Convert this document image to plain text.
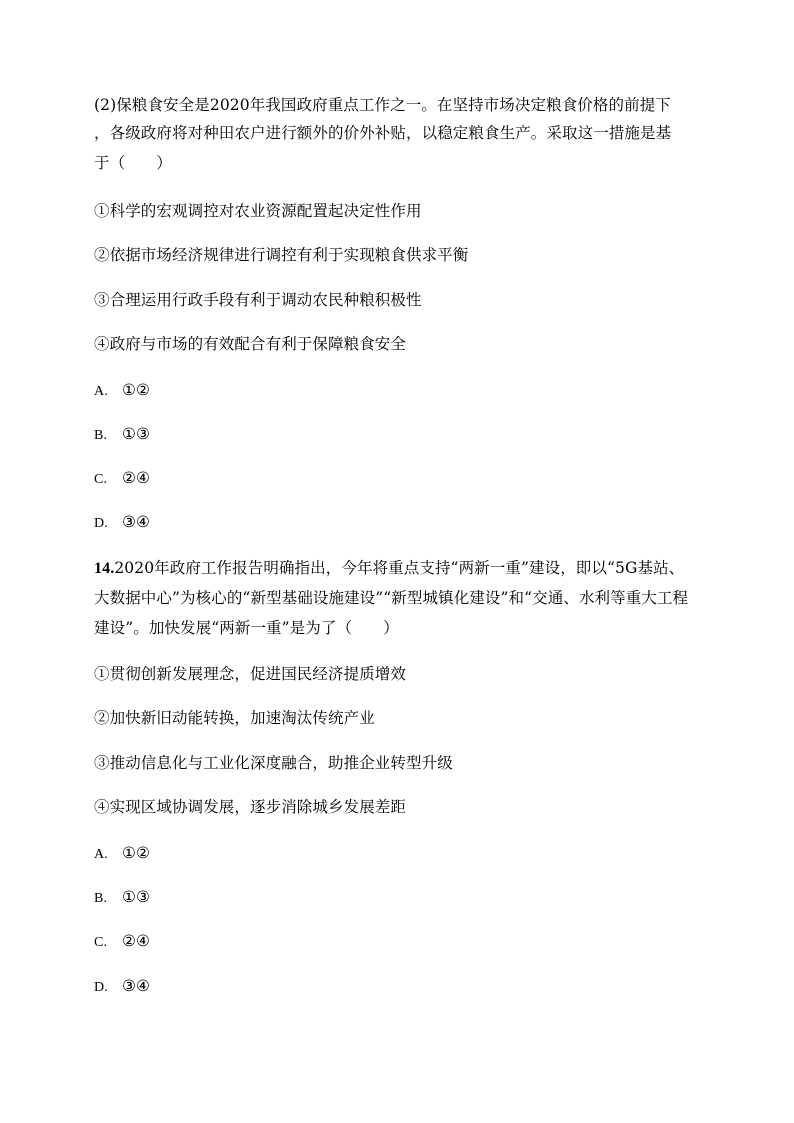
(2)保粮食安全是2020年我国政府重点工作之一。在坚持市场决定粮食价格的前提下
，各级政府将对种田农户进行额外的价外补贴，以稳定粮食生产。采取这一措施是基
于（　　）
①科学的宏观调控对农业资源配置起决定性作用
②依据市场经济规律进行调控有利于实现粮食供求平衡
③合理运用行政手段有利于调动农民种粮积极性
④政府与市场的有效配合有利于保障粮食安全
A. ①②
B. ①③
C. ②④
D. ③④
14.2020年政府工作报告明确指出，今年将重点支持“两新一重”建设，即以“5G基站、
大数据中心”为核心的“新型基础设施建设”“新型城镇化建设”和“交通、水利等重大工程
建设”。加快发展“两新一重”是为了（　　）
①贯彻创新发展理念，促进国民经济提质增效
②加快新旧动能转换，加速淘汰传统产业
③推动信息化与工业化深度融合，助推企业转型升级
④实现区域协调发展，逐步消除城乡发展差距
A. ①②
B. ①③
C. ②④
D. ③④
